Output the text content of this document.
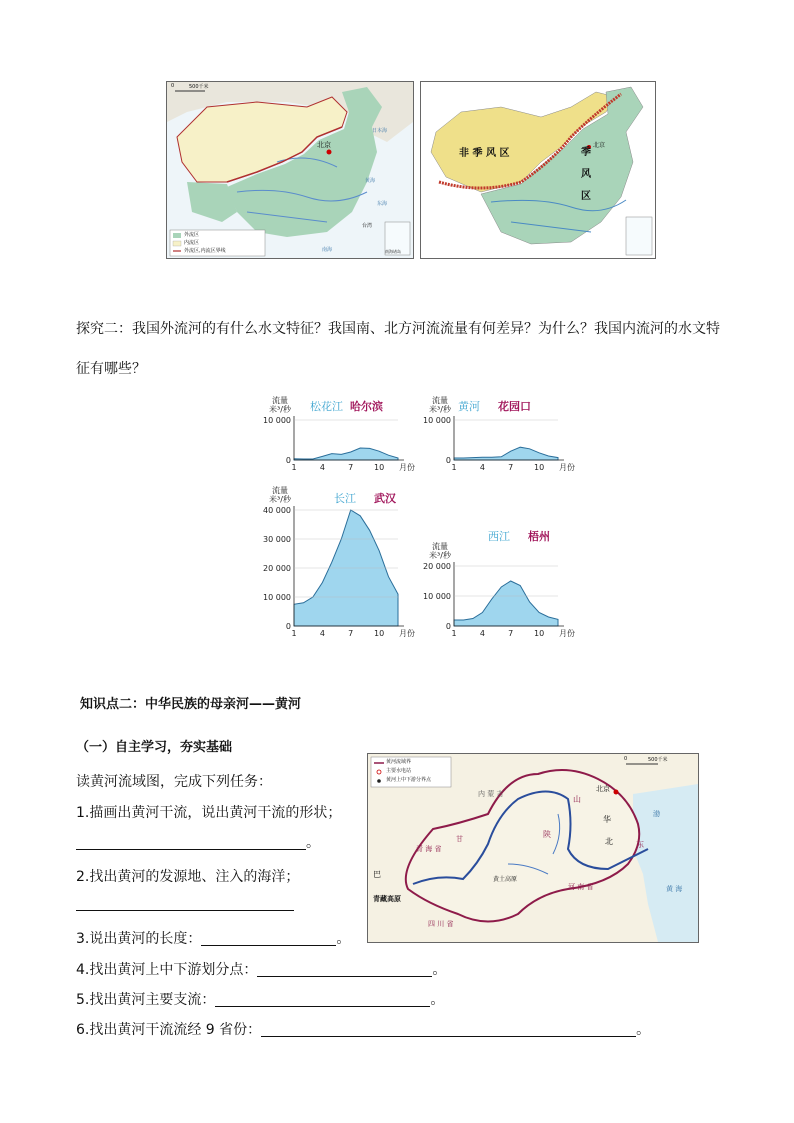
0	500千米
北京
日本海
黄海
东海
南海
台湾
南海诸岛
外流区
内流区
外流区,内流区界线
非 季 风 区	季 风 区
北京
探究二：我国外流河的有什么水文特征？我国南、北方河流流量有何差异？为什么？我国内流河的水文特
征有哪些？
10 000
0
1	4	7	10 月份
流量
米³/秒 松花江 哈尔滨
10 000
0
1	4	7	10 月份
流量
米³/秒 黄河 花园口
40 000
30 000
20 000
10 000
0
1	4	7	10 月份
流量
米³/秒	长江 武汉
20 000
10 000
0
1	4	7	10 月份
流量
米³/秒
西江 梧州
知识点二：中华民族的母亲河——黄河
（一）自主学习，夯实基础
读黄河流域图，完成下列任务：
1.描画出黄河干流，说出黄河干流的形状；
。
2.找出黄河的发源地、注入的海洋；
3.说出黄河的长度：	。
4.找出黄河上中下游划分点：	。
5.找出黄河主要支流：	。
6.找出黄河干流流经 9 省份：	。
黄河流域界
主要水电站
黄河上中下游分界点
0	500千米
北京
内 蒙 古
甘
青 海 省
陕
山
华
北	东
河 南 省
四 川 省
巴
青藏高原
黄土高原
渤
黄 海
